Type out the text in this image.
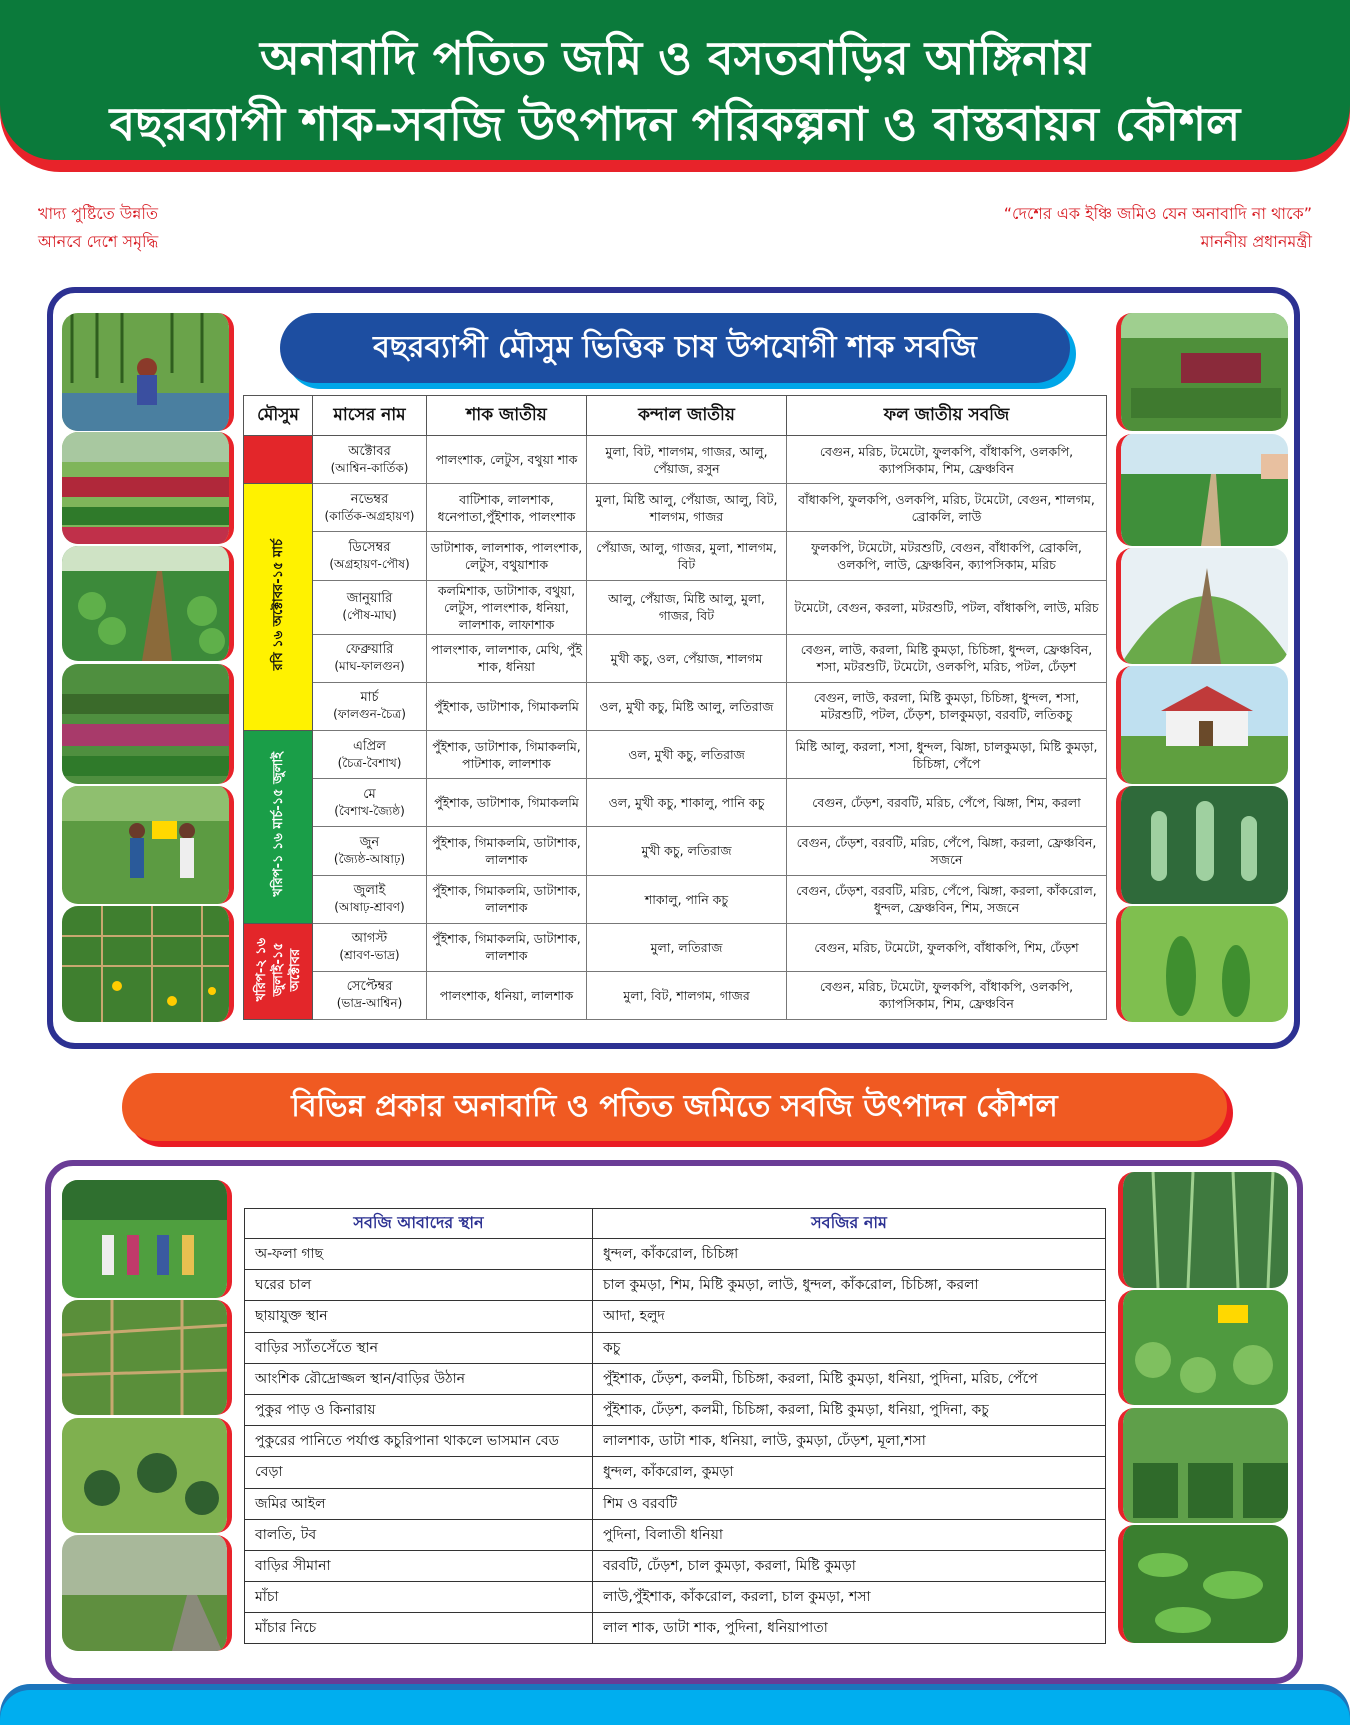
অনাবাদি পতিত জমি ও বসতবাড়ির আঙ্গিনায়
বছরব্যাপী শাক-সবজি উৎপাদন পরিকল্পনা ও বাস্তবায়ন কৌশল
খাদ্য পুষ্টিতে উন্নতি
আনবে দেশে সমৃদ্ধি
“দেশের এক ইঞ্চি জমিও যেন অনাবাদি না থাকে”
মাননীয় প্রধানমন্ত্রী
বছরব্যাপী মৌসুম ভিত্তিক চাষ উপযোগী শাক সবজি
মৌসুম	মাসের নাম	শাক জাতীয়	কন্দাল জাতীয়	ফল জাতীয় সবজি

	অক্টোবর
(আশ্বিন-কার্তিক)	পালংশাক, লেটুস, বথুয়া শাক	মুলা, বিট, শালগম, গাজর, আলু, পেঁয়াজ, রসুন	বেগুন, মরিচ, টমেটো, ফুলকপি, বাঁধাকপি, ওলকপি, ক্যাপসিকাম, শিম, ফ্রেঞ্চবিন
রবি ১৬ অক্টোবর-১৫ মার্চ	নভেম্বর
(কার্তিক-অগ্রহায়ণ)	বাটিশাক, লালশাক, ধনেপাতা,পুঁইশাক, পালংশাক	মুলা, মিষ্টি আলু, পেঁয়াজ, আলু, বিট, শালগম, গাজর	বাঁধাকপি, ফুলকপি, ওলকপি, মরিচ, টমেটো, বেগুন, শালগম, ব্রোকলি, লাউ

	ডিসেম্বর
(অগ্রহায়ণ-পৌষ)	ডাটাশাক, লালশাক, পালংশাক, লেটুস, বথুয়াশাক	পেঁয়াজ, আলু, গাজর, মুলা, শালগম, বিট	ফুলকপি, টমেটো, মটরশুটি, বেগুন, বাঁধাকপি, ব্রোকলি, ওলকপি, লাউ, ফ্রেঞ্চবিন, ক্যাপসিকাম, মরিচ

	জানুয়ারি
(পৌষ-মাঘ)	কলমিশাক, ডাটাশাক, বথুয়া, লেটুস, পালংশাক, ধনিয়া, লালশাক, লাফাশাক	আলু, পেঁয়াজ, মিষ্টি আলু, মুলা, গাজর, বিট	টমেটো, বেগুন, করলা, মটরশুটি, পটল, বাঁধাকপি, লাউ, মরিচ

	ফেব্রুয়ারি
(মাঘ-ফালগুন)	পালংশাক, লালশাক, মেথি, পুঁই শাক, ধনিয়া	মুখী কচু, ওল, পেঁয়াজ, শালগম	বেগুন, লাউ, করলা, মিষ্টি কুমড়া, চিচিঙ্গা, ধুন্দল, ফ্রেঞ্চবিন, শসা, মটরশুটি, টমেটো, ওলকপি, মরিচ, পটল, ঢেঁড়শ

	মার্চ
(ফালগুন-চৈত্র)	পুঁইশাক, ডাটাশাক, গিমাকলমি	ওল, মুখী কচু, মিষ্টি আলু, লতিরাজ	বেগুন, লাউ, করলা, মিষ্টি কুমড়া, চিচিঙ্গা, ধুন্দল, শসা, মটরশুটি, পটল, ঢেঁড়শ, চালকুমড়া, বরবটি, লতিকচু
খরিপ-১ ১৬ মার্চ-১৫ জুলাই	এপ্রিল
(চৈত্র-বৈশাখ)	পুঁইশাক, ডাটাশাক, গিমাকলমি, পাটশাক, লালশাক	ওল, মুখী কচু, লতিরাজ	মিষ্টি আলু, করলা, শসা, ধুন্দল, ঝিঙ্গা, চালকুমড়া, মিষ্টি কুমড়া, চিচিঙ্গা, পেঁপে

	মে
(বৈশাখ-জ্যৈষ্ঠ)	পুঁইশাক, ডাটাশাক, গিমাকলমি	ওল, মুখী কচু, শাকালু, পানি কচু	বেগুন, ঢেঁড়শ, বরবটি, মরিচ, পেঁপে, ঝিঙ্গা, শিম, করলা

	জুন
(জ্যৈষ্ঠ-আষাঢ়)	পুঁইশাক, গিমাকলমি, ডাটাশাক, লালশাক	মুখী কচু, লতিরাজ	বেগুন, ঢেঁড়শ, বরবটি, মরিচ, পেঁপে, ঝিঙ্গা, করলা, ফ্রেঞ্চবিন, সজনে

	জুলাই
(আষাঢ়-শ্রাবণ)	পুঁইশাক, গিমাকলমি, ডাটাশাক, লালশাক	শাকালু, পানি কচু	বেগুন, ঢেঁড়শ, বরবটি, মরিচ, পেঁপে, ঝিঙ্গা, করলা, কাঁকরোল, ধুন্দল, ফ্রেঞ্চবিন, শিম, সজনে
খরিপ-২ ১৬ জুলাই-১৫ অক্টোবর	আগস্ট
(শ্রাবণ-ভাদ্র)	পুঁইশাক, গিমাকলমি, ডাটাশাক, লালশাক	মুলা, লতিরাজ	বেগুন, মরিচ, টমেটো, ফুলকপি, বাঁধাকপি, শিম, ঢেঁড়শ

	সেপ্টেম্বর
(ভাদ্র-আশ্বিন)	পালংশাক, ধনিয়া, লালশাক	মুলা, বিট, শালগম, গাজর	বেগুন, মরিচ, টমেটো, ফুলকপি, বাঁধাকপি, ওলকপি, ক্যাপসিকাম, শিম, ফ্রেঞ্চবিন
বিভিন্ন প্রকার অনাবাদি ও পতিত জমিতে সবজি উৎপাদন কৌশল
সবজি আবাদের স্থান	সবজির নাম
অ-ফলা গাছ	ধুন্দল, কাঁকরোল, চিচিঙ্গা
ঘরের চাল	চাল কুমড়া, শিম, মিষ্টি কুমড়া, লাউ, ধুন্দল, কাঁকরোল, চিচিঙ্গা, করলা
ছায়াযুক্ত স্থান	আদা, হলুদ
বাড়ির স্যাঁতসেঁতে স্থান	কচু
আংশিক রৌদ্রোজ্জল স্থান/বাড়ির উঠান	পুঁইশাক, ঢেঁড়শ, কলমী, চিচিঙ্গা, করলা, মিষ্টি কুমড়া, ধনিয়া, পুদিনা, মরিচ, পেঁপে
পুকুর পাড় ও কিনারায়	পুঁইশাক, ঢেঁড়শ, কলমী, চিচিঙ্গা, করলা, মিষ্টি কুমড়া, ধনিয়া, পুদিনা, কচু
পুকুরের পানিতে পর্যাপ্ত কচুরিপানা থাকলে ভাসমান বেড	লালশাক, ডাটা শাক, ধনিয়া, লাউ, কুমড়া, ঢেঁড়শ, মূলা,শসা
বেড়া	ধুন্দল, কাঁকরোল, কুমড়া
জমির আইল	শিম ও বরবটি
বালতি, টব	পুদিনা, বিলাতী ধনিয়া
বাড়ির সীমানা	বরবটি, ঢেঁড়শ, চাল কুমড়া, করলা, মিষ্টি কুমড়া
মাঁচা	লাউ,পুঁইশাক, কাঁকরোল, করলা, চাল কুমড়া, শসা
মাঁচার নিচে	লাল শাক, ডাটা শাক, পুদিনা, ধনিয়াপাতা
